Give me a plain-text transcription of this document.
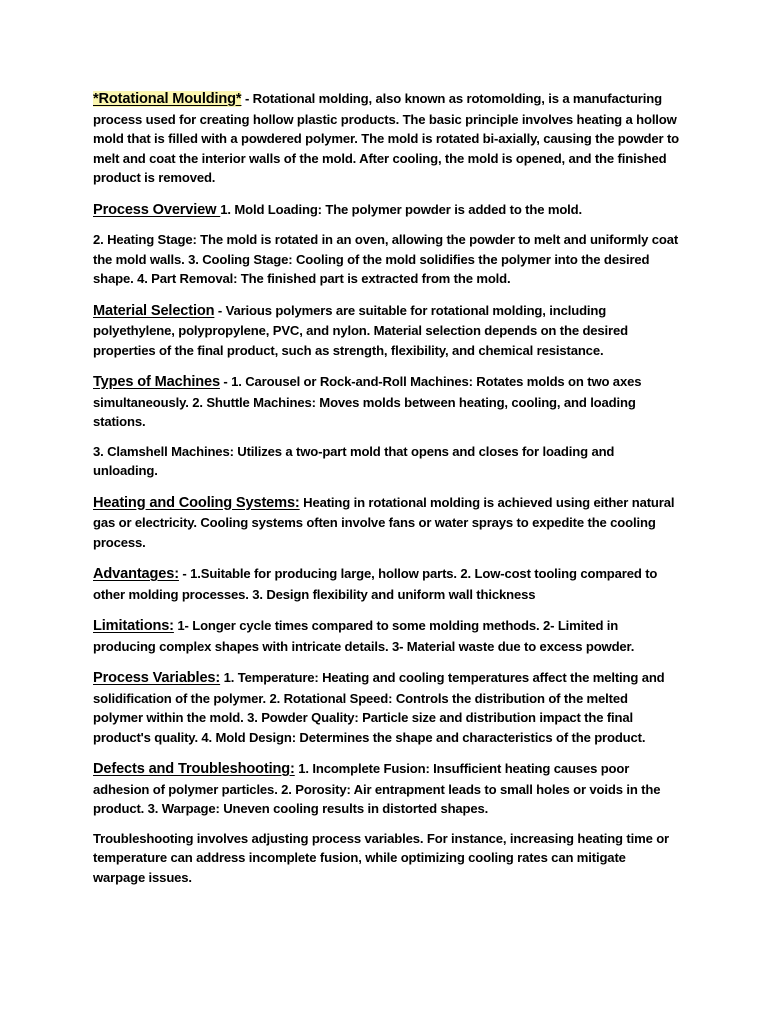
*Rotational Moulding* - Rotational molding, also known as rotomolding, is a manufacturing process used for creating hollow plastic products. The basic principle involves heating a hollow mold that is filled with a powdered polymer. The mold is rotated bi-axially, causing the powder to melt and coat the interior walls of the mold. After cooling, the mold is opened, and the finished product is removed.

Process Overview 1. Mold Loading: The polymer powder is added to the mold.

2. Heating Stage: The mold is rotated in an oven, allowing the powder to melt and uniformly coat the mold walls. 3. Cooling Stage: Cooling of the mold solidifies the polymer into the desired shape. 4. Part Removal: The finished part is extracted from the mold.

Material Selection - Various polymers are suitable for rotational molding, including polyethylene, polypropylene, PVC, and nylon. Material selection depends on the desired properties of the final product, such as strength, flexibility, and chemical resistance.

Types of Machines - 1. Carousel or Rock-and-Roll Machines: Rotates molds on two axes simultaneously. 2. Shuttle Machines: Moves molds between heating, cooling, and loading stations.

3. Clamshell Machines: Utilizes a two-part mold that opens and closes for loading and unloading.

Heating and Cooling Systems: Heating in rotational molding is achieved using either natural gas or electricity. Cooling systems often involve fans or water sprays to expedite the cooling process.

Advantages: - 1.Suitable for producing large, hollow parts. 2. Low-cost tooling compared to other molding processes. 3. Design flexibility and uniform wall thickness

Limitations: 1- Longer cycle times compared to some molding methods. 2- Limited in producing complex shapes with intricate details. 3- Material waste due to excess powder.

Process Variables: 1. Temperature: Heating and cooling temperatures affect the melting and solidification of the polymer. 2. Rotational Speed: Controls the distribution of the melted polymer within the mold. 3. Powder Quality: Particle size and distribution impact the final product's quality. 4. Mold Design: Determines the shape and characteristics of the product.

Defects and Troubleshooting: 1. Incomplete Fusion: Insufficient heating causes poor adhesion of polymer particles. 2. Porosity: Air entrapment leads to small holes or voids in the product. 3. Warpage: Uneven cooling results in distorted shapes.

Troubleshooting involves adjusting process variables. For instance, increasing heating time or temperature can address incomplete fusion, while optimizing cooling rates can mitigate warpage issues.
